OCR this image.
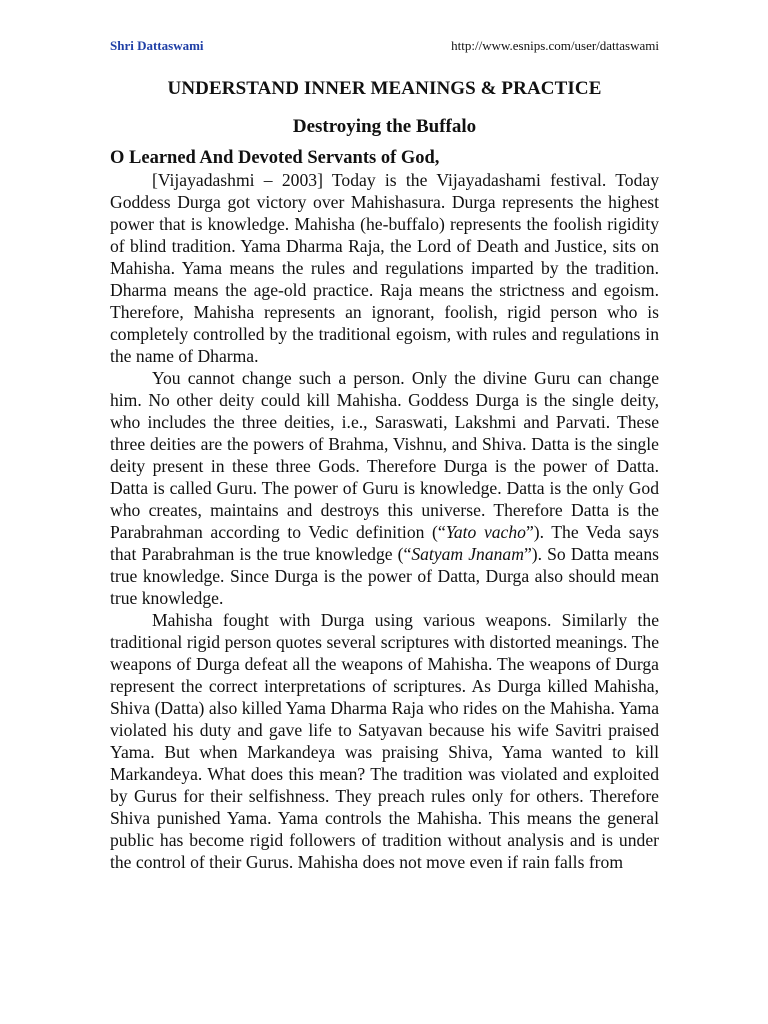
Shri Dattaswami	http://www.esnips.com/user/dattaswami
UNDERSTAND INNER MEANINGS & PRACTICE
Destroying the Buffalo
O Learned And Devoted Servants of God,

[Vijayadashmi – 2003] Today is the Vijayadashami festival. Today Goddess Durga got victory over Mahishasura. Durga represents the highest power that is knowledge. Mahisha (he-buffalo) represents the foolish rigidity of blind tradition. Yama Dharma Raja, the Lord of Death and Justice, sits on Mahisha. Yama means the rules and regulations imparted by the tradition. Dharma means the age-old practice. Raja means the strictness and egoism. Therefore, Mahisha represents an ignorant, foolish, rigid person who is completely controlled by the traditional egoism, with rules and regulations in the name of Dharma.

You cannot change such a person. Only the divine Guru can change him. No other deity could kill Mahisha. Goddess Durga is the single deity, who includes the three deities, i.e., Saraswati, Lakshmi and Parvati. These three deities are the powers of Brahma, Vishnu, and Shiva. Datta is the single deity present in these three Gods. Therefore Durga is the power of Datta. Datta is called Guru. The power of Guru is knowledge. Datta is the only God who creates, maintains and destroys this universe. Therefore Datta is the Parabrahman according to Vedic definition (“Yato vacho”). The Veda says that Parabrahman is the true knowledge (“Satyam Jnanam”). So Datta means true knowledge. Since Durga is the power of Datta, Durga also should mean true knowledge.

Mahisha fought with Durga using various weapons. Similarly the traditional rigid person quotes several scriptures with distorted meanings. The weapons of Durga defeat all the weapons of Mahisha. The weapons of Durga represent the correct interpretations of scriptures. As Durga killed Mahisha, Shiva (Datta) also killed Yama Dharma Raja who rides on the Mahisha. Yama violated his duty and gave life to Satyavan because his wife Savitri praised Yama. But when Markandeya was praising Shiva, Yama wanted to kill Markandeya. What does this mean? The tradition was violated and exploited by Gurus for their selfishness. They preach rules only for others. Therefore Shiva punished Yama. Yama controls the Mahisha. This means the general public has become rigid followers of tradition without analysis and is under the control of their Gurus. Mahisha does not move even if rain falls from
